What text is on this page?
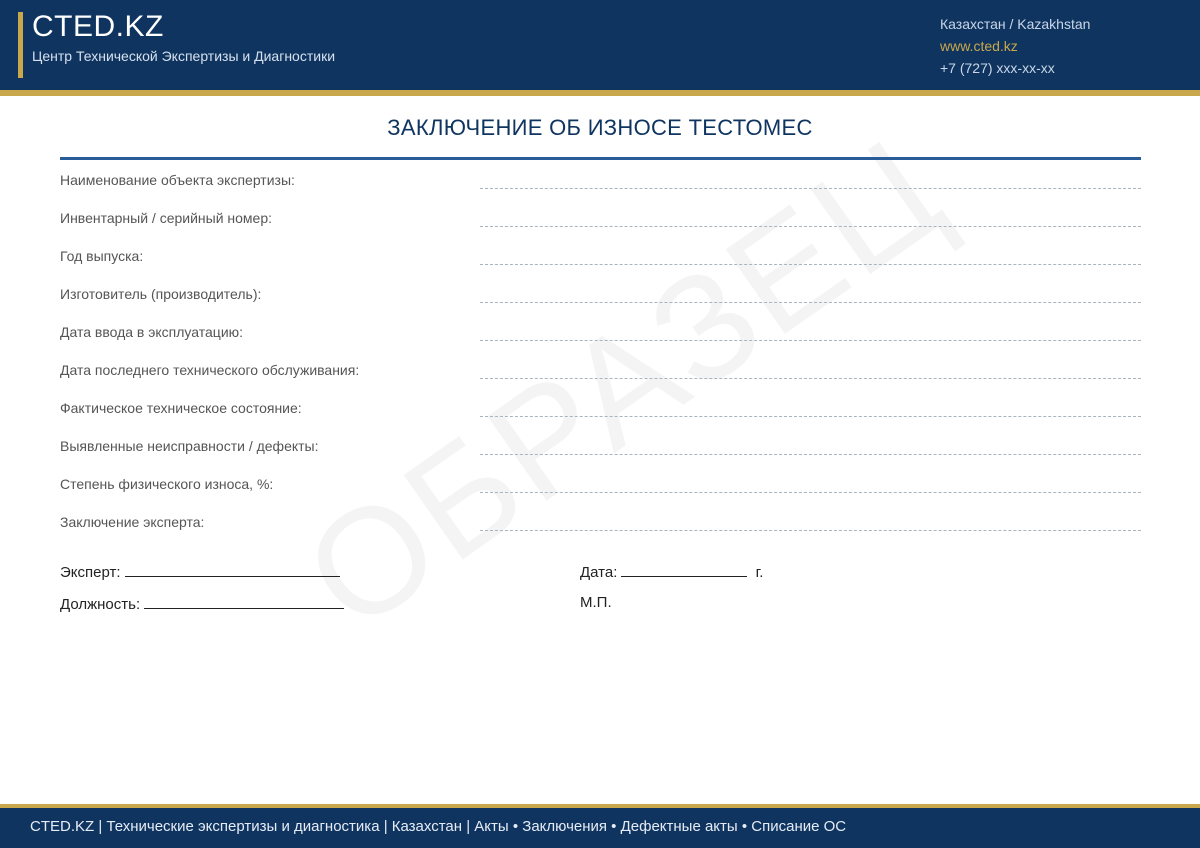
CTED.KZ
Центр Технической Экспертизы и Диагностики
Казахстан / Kazakhstan
www.cted.kz
+7 (727) xxx-xx-xx
ЗАКЛЮЧЕНИЕ ОБ ИЗНОСЕ ТЕСТОМЕС
Наименование объекта экспертизы:
Инвентарный / серийный номер:
Год выпуска:
Изготовитель (производитель):
Дата ввода в эксплуатацию:
Дата последнего технического обслуживания:
Фактическое техническое состояние:
Выявленные неисправности / дефекты:
Степень физического износа, %:
Заключение эксперта:
Эксперт:
Должность:
Дата:	г.
М.П.
CTED.KZ | Технические экспертизы и диагностика | Казахстан | Акты • Заключения • Дефектные акты • Списание ОС
